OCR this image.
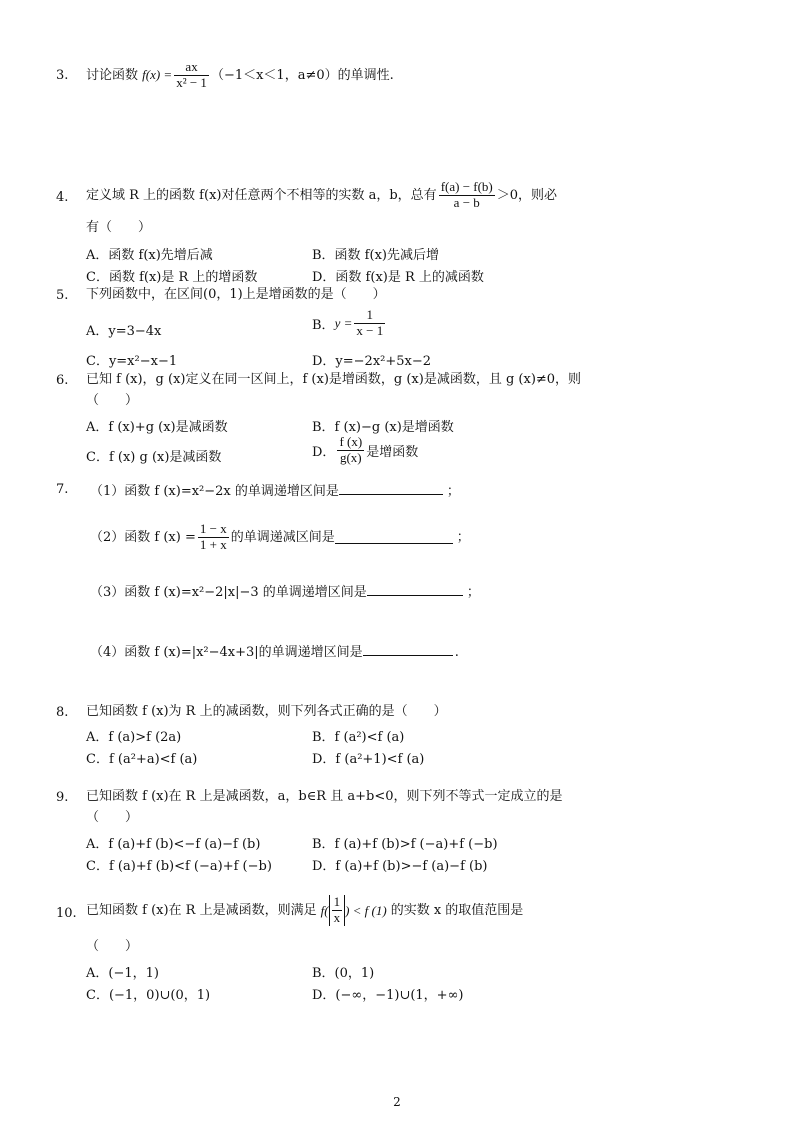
3. 讨论函数 $f(x) = \frac{ax}{\text{x² − 1}} (-1<x<1$，a≠0）的单调性.
4. 定义域 R 上的函数 f(x)对任意两个不相等的实数 a，b，总有 $\frac{f(a) - f(b)}{a - b} >0$，则必
有（　　）
A．函数 f(x)先增后减	B．函数 f(x)先减后增
C．函数 f(x)是 R 上的增函数	D．函数 f(x)是 R 上的减函数
5. 下列函数中，在区间(0，1)上是增函数的是（　　）
A．y=3−4x	B．$y = \frac{1}{x - 1}$
C．y=x²−x−1	D．y=−2x²+5x−2
6. 已知 f (x)，g (x)定义在同一区间上，f (x)是增函数，g (x)是减函数，且 g (x)≠0，则
（　　）
A．f (x)+g (x)是减函数	B．f (x)−g (x)是增函数
C．f (x) g (x)是减函数	D． $\frac{f (x)}{g(x)}$ 是增函数
7. （1）函数 f (x)=x²−2x 的单调递增区间是	；
（2）函数 f $(x) = \frac{1 - x}{1 + x}$ 的单调递减区间是	；
（3）函数 f (x)=x²−2|x|−3 的单调递增区间是	；
（4）函数 f (x)=|x²−4x+3|的单调递增区间是	.
8. 已知函数 f (x)为 R 上的减函数，则下列各式正确的是（　　）
A．f (a)>f (2a)	B．f (a²)<f (a)
C．f (a²+a)<f (a)	D．f (a²+1)<f (a)
9. 已知函数 f (x)在 R 上是减函数，a，b∈R 且 a+b<0，则下列不等式一定成立的是
（　　）
A．f (a)+f (b)<−f (a)−f (b)	B．f (a)+f (b)>f (−a)+f (−b)
C．f (a)+f (b)<f (−a)+f (−b)	D．f (a)+f (b)>−f (a)−f (b)
10. 已知函数 f (x)在 R 上是减函数，则满足 $f( \frac{1}{x}$ ) < f (1) 的实数 x 的取值范围是
（　　）
A．(−1，1)	B．(0，1)
C．(−1，0)∪(0，1)	D．(−∞，−1)∪(1，+∞)
2
